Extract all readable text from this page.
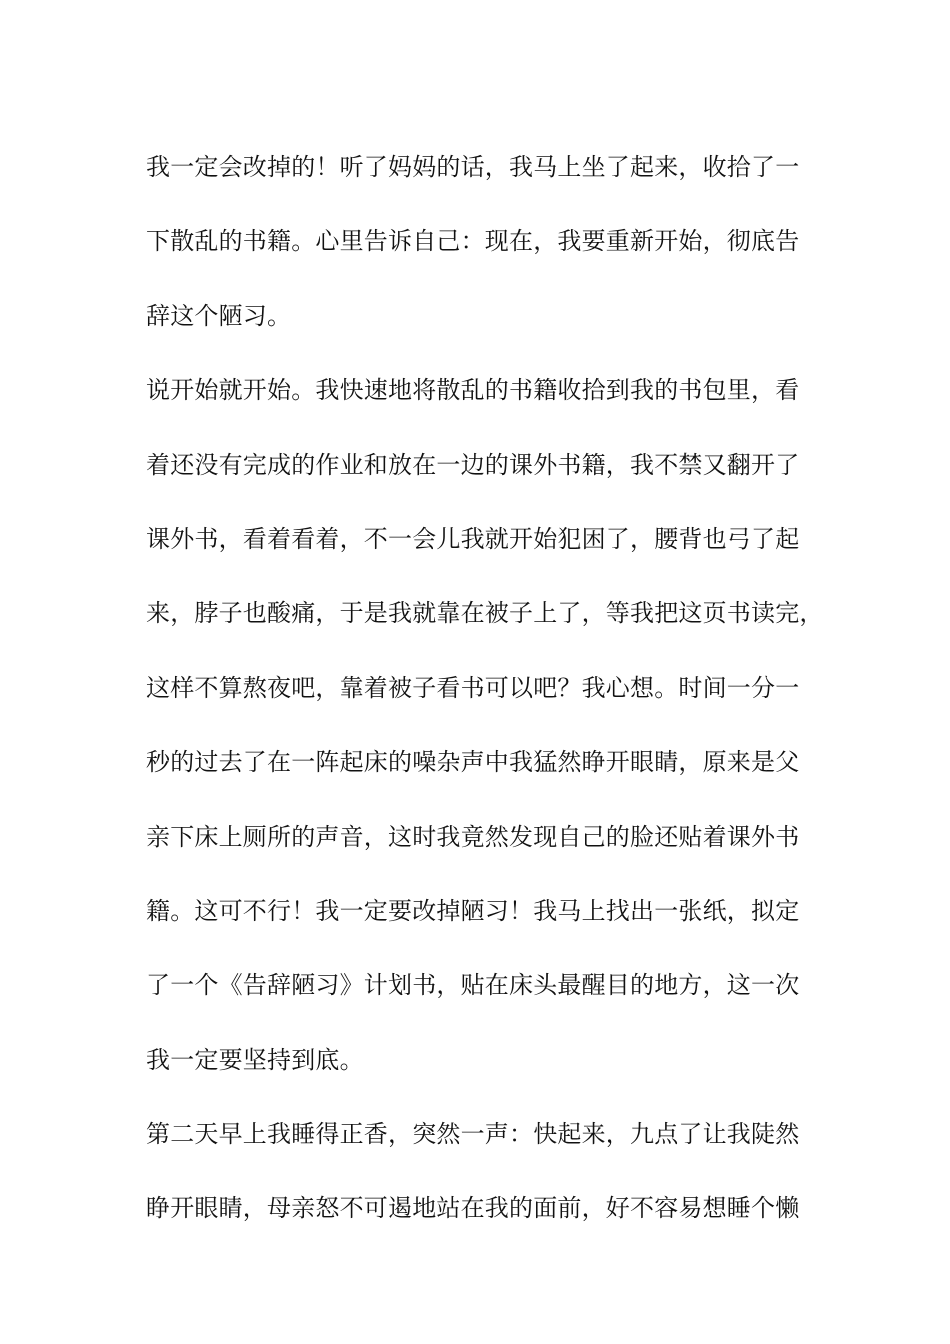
我一定会改掉的！听了妈妈的话，我马上坐了起来，收拾了一
下散乱的书籍。心里告诉自己：现在，我要重新开始，彻底告
辞这个陋习。
说开始就开始。我快速地将散乱的书籍收拾到我的书包里，看
着还没有完成的作业和放在一边的课外书籍，我不禁又翻开了
课外书，看着看着，不一会儿我就开始犯困了，腰背也弓了起
来，脖子也酸痛，于是我就靠在被子上了，等我把这页书读完，
这样不算熬夜吧，靠着被子看书可以吧？我心想。时间一分一
秒的过去了在一阵起床的噪杂声中我猛然睁开眼睛，原来是父
亲下床上厕所的声音，这时我竟然发现自己的脸还贴着课外书
籍。这可不行！我一定要改掉陋习！我马上找出一张纸，拟定
了一个《告辞陋习》计划书，贴在床头最醒目的地方，这一次
我一定要坚持到底。
第二天早上我睡得正香，突然一声：快起来，九点了让我陡然
睁开眼睛，母亲怒不可遏地站在我的面前，好不容易想睡个懒
